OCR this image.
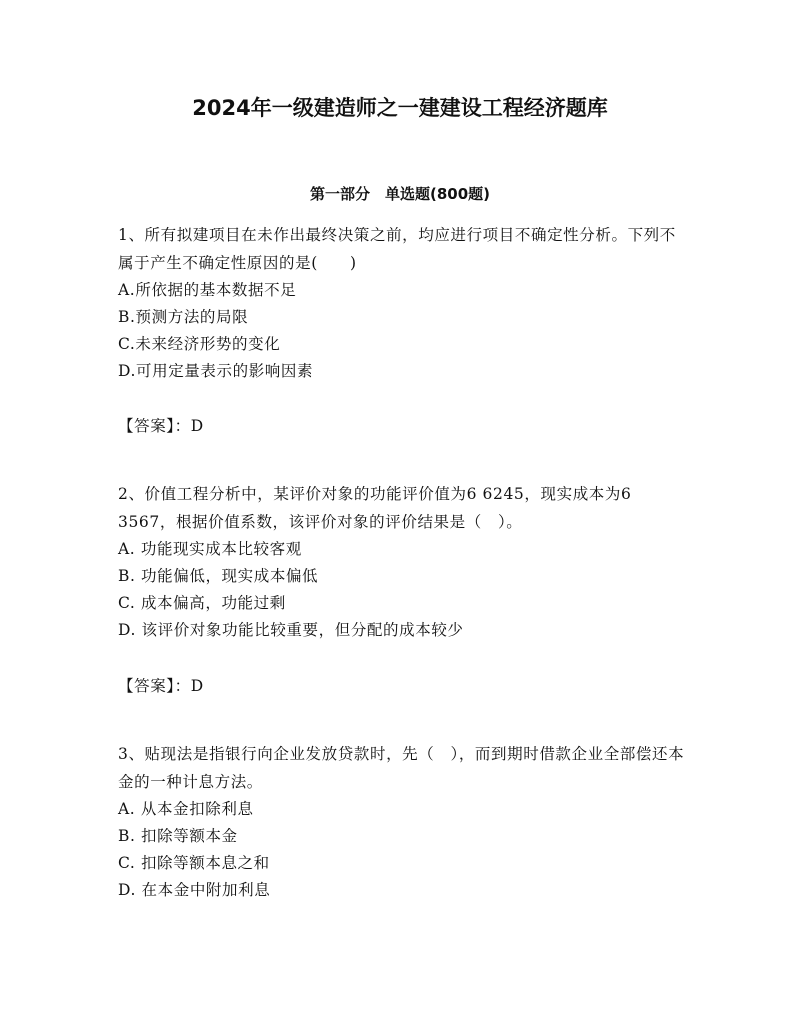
2024年一级建造师之一建建设工程经济题库
第一部分　单选题(800题)

1、所有拟建项目在未作出最终决策之前，均应进行项目不确定性分析。下列不属于产生不确定性原因的是(　　)

A.所依据的基本数据不足

B.预测方法的局限

C.未来经济形势的变化

D.可用定量表示的影响因素

【答案】：D

2、价值工程分析中，某评价对象的功能评价值为6 6245，现实成本为6 3567，根据价值系数，该评价对象的评价结果是（　）。

A. 功能现实成本比较客观

B. 功能偏低，现实成本偏低

C. 成本偏高，功能过剩

D. 该评价对象功能比较重要，但分配的成本较少

【答案】：D

3、贴现法是指银行向企业发放贷款时，先（　），而到期时借款企业全部偿还本金的一种计息方法。

A. 从本金扣除利息

B. 扣除等额本金

C. 扣除等额本息之和

D. 在本金中附加利息
